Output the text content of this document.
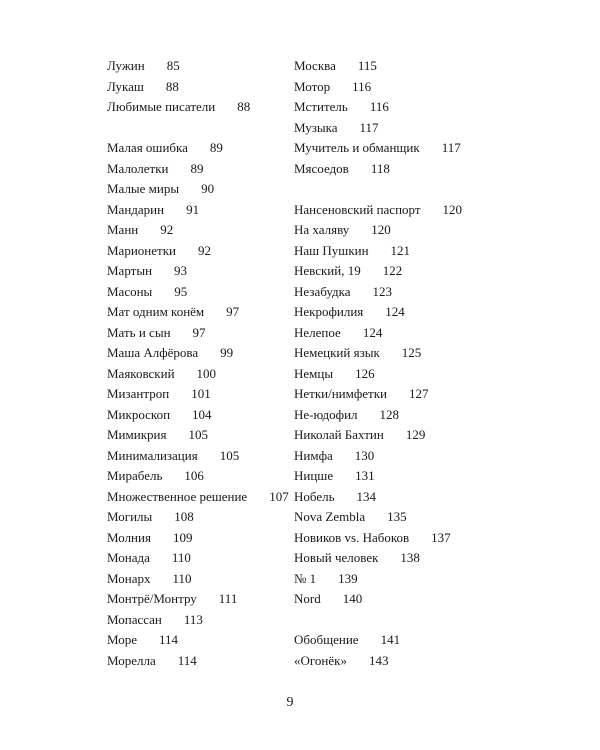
Лужин 85
Лукаш 88
Любимые писатели 88
Малая ошибка 89
Малолетки 89
Малые миры 90
Мандарин 91
Манн 92
Марионетки 92
Мартын 93
Масоны 95
Мат одним конём 97
Мать и сын 97
Маша Алфёрова 99
Маяковский 100
Мизантроп 101
Микроскоп 104
Мимикрия 105
Минимализация 105
Мирабель 106
Множественное решение 107
Могилы 108
Молния 109
Монада 110
Монарх 110
Монтрё/Монтру 111
Мопассан 113
Море 114
Морелла 114
Москва 115
Мотор 116
Мститель 116
Музыка 117
Мучитель и обманщик 117
Мясоедов 118
Нансеновский паспорт 120
На халяву 120
Наш Пушкин 121
Невский, 19 122
Незабудка 123
Некрофилия 124
Нелепое 124
Немецкий язык 125
Немцы 126
Нетки/нимфетки 127
Не-юдофил 128
Николай Бахтин 129
Нимфа 130
Ницше 131
Нобель 134
Nova Zembla 135
Новиков vs. Набоков 137
Новый человек 138
№ 1 139
Nord 140
Обобщение 141
«Огонёк» 143
9
